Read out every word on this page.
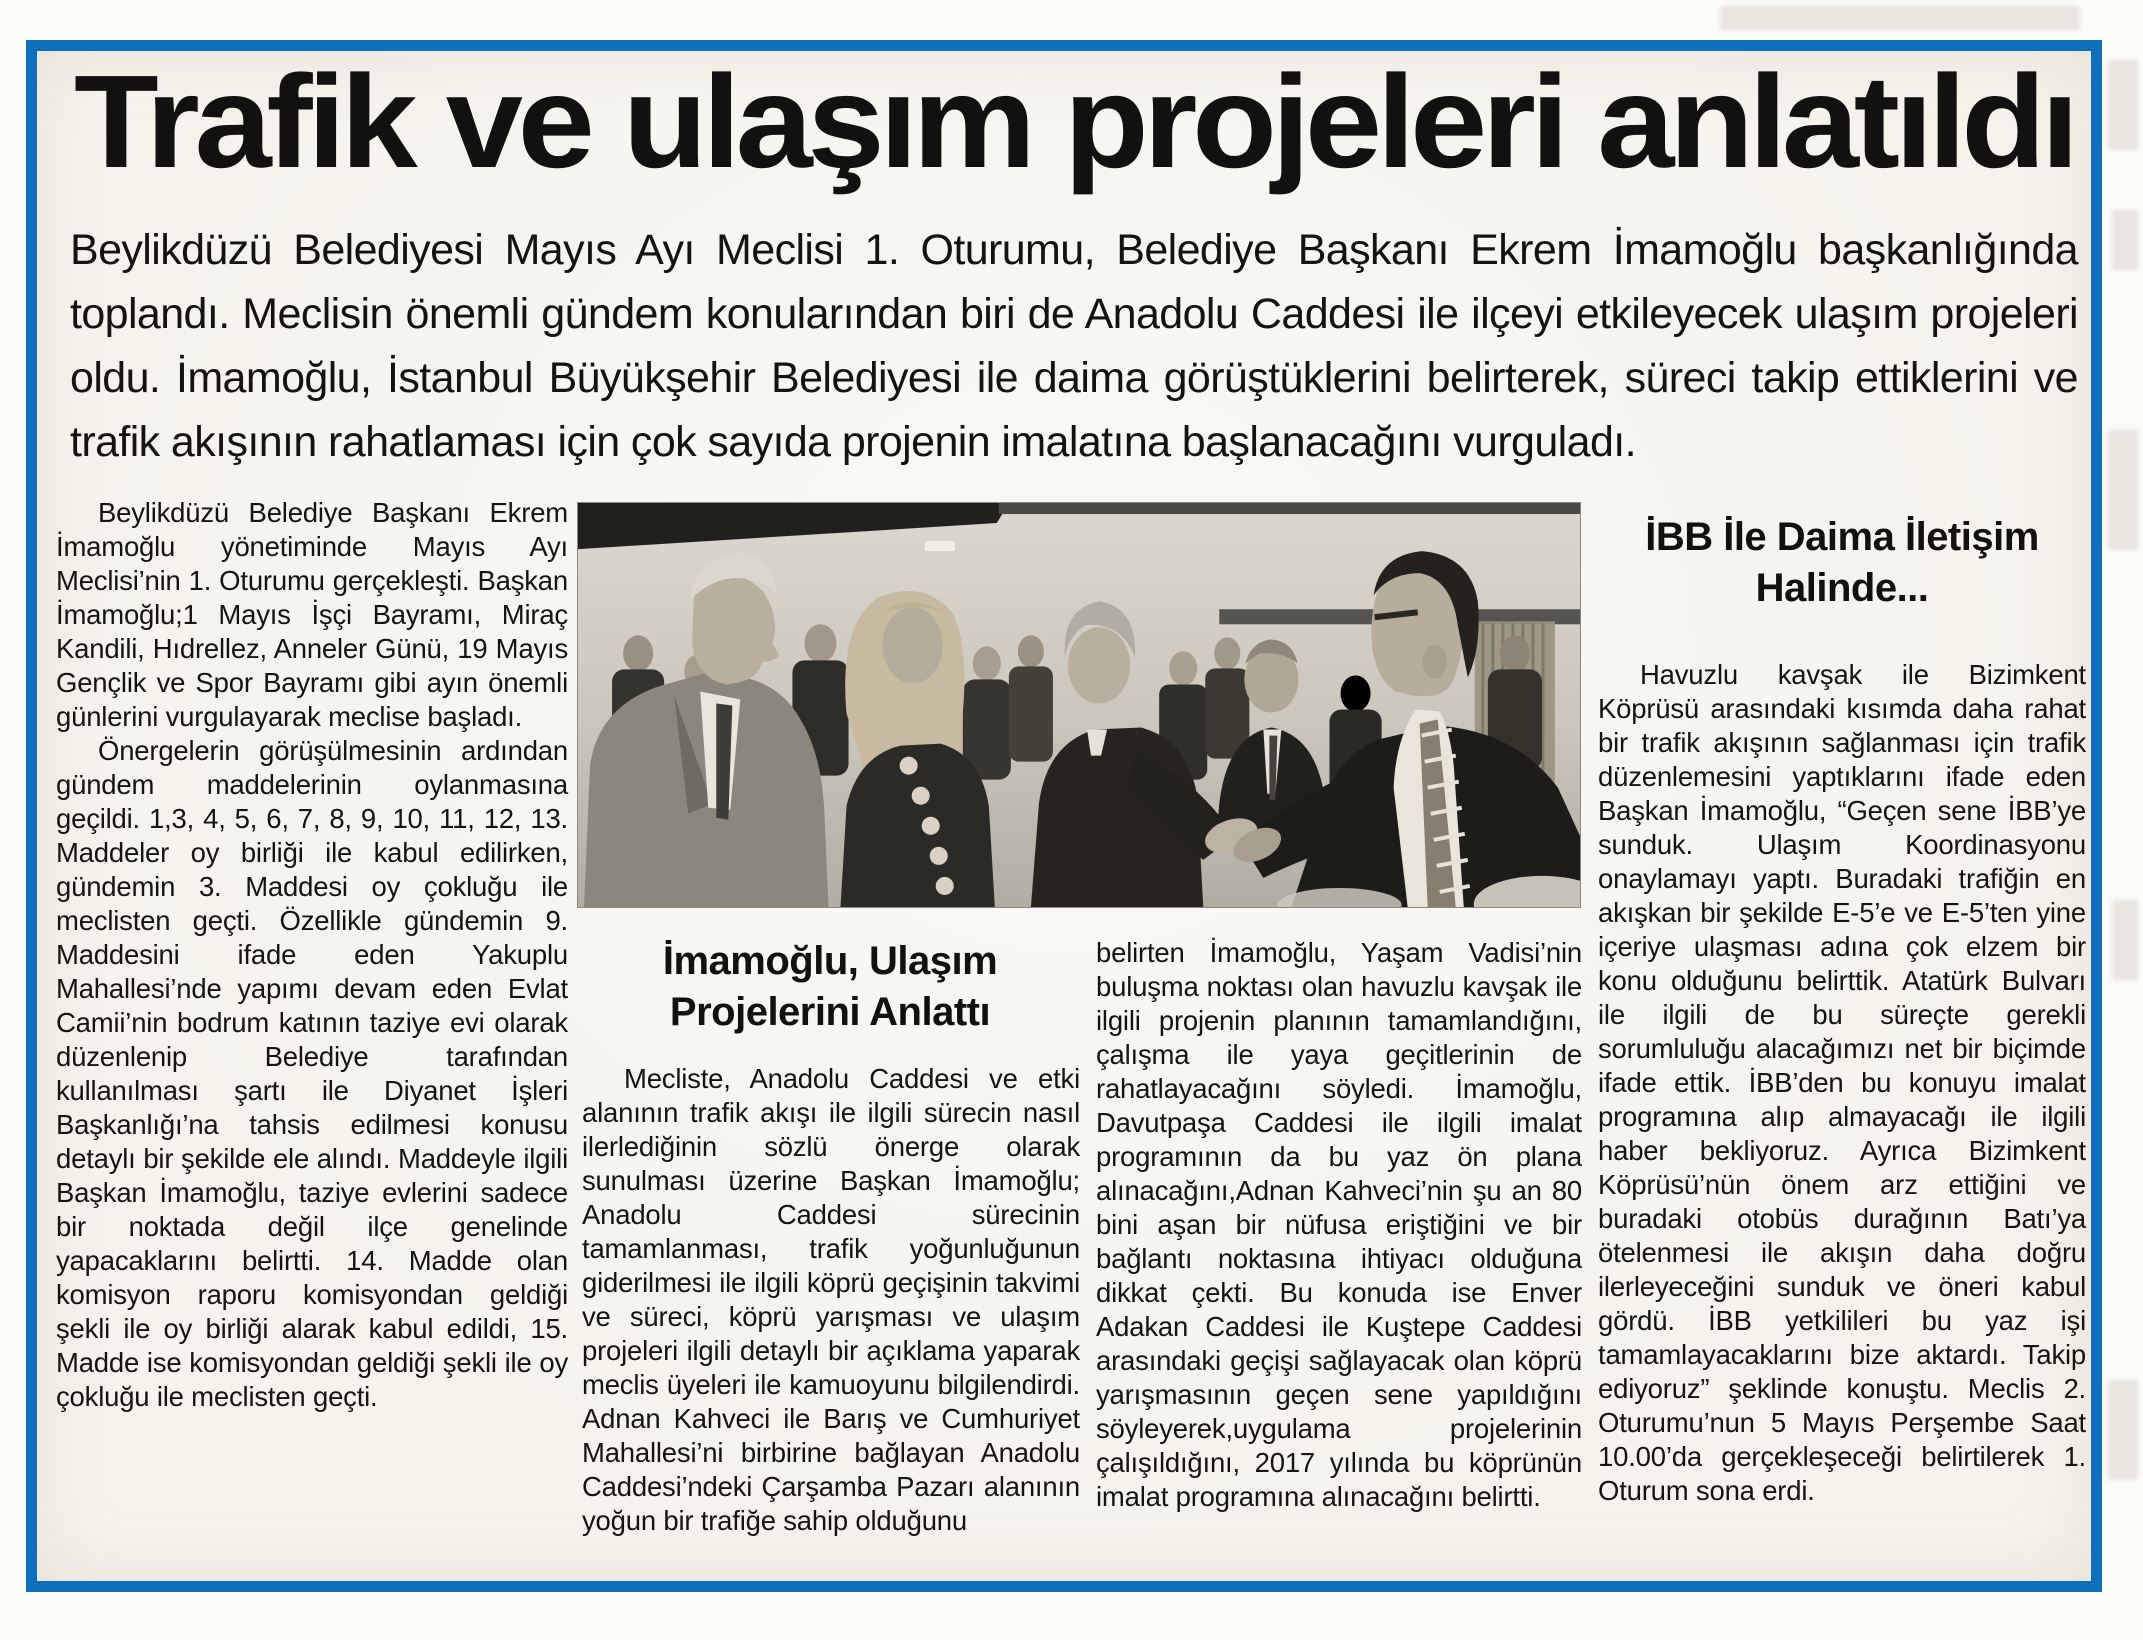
Trafik ve ulaşım projeleri anlatıldı
Beylikdüzü Belediyesi Mayıs Ayı Meclisi 1. Oturumu, Belediye Başkanı Ekrem İmamoğlu başkanlığında toplandı. Meclisin önemli gündem konularından biri de Anadolu Caddesi ile ilçeyi etkileyecek ulaşım projeleri oldu. İmamoğlu, İstanbul Büyükşehir Belediyesi ile daima görüştüklerini belirterek, süreci takip ettiklerini ve trafik akışının rahatlaması için çok sayıda projenin imalatına başlanacağını vurguladı.

Beylikdüzü Belediye Başkanı Ekrem İmamoğlu yönetiminde Mayıs Ayı Meclisi’nin 1. Oturumu gerçekleşti. Başkan İmamoğlu;1 Mayıs İşçi Bayramı, Miraç Kandili, Hıdrellez, Anneler Günü, 19 Mayıs Gençlik ve Spor Bayramı gibi ayın önemli günlerini vurgulayarak meclise başladı.

Önergelerin görüşülmesinin ardından gündem maddelerinin oylanmasına geçildi. 1,3, 4, 5, 6, 7, 8, 9, 10, 11, 12, 13. Maddeler oy birliği ile kabul edilirken, gündemin 3. Maddesi oy çokluğu ile meclisten geçti. Özellikle gündemin 9. Maddesini ifade eden Yakuplu Mahallesi’nde yapımı devam eden Evlat Camii’nin bodrum katının taziye evi olarak düzenlenip Belediye tarafından kullanılması şartı ile Diyanet İşleri Başkanlığı’na tahsis edilmesi konusu detaylı bir şekilde ele alındı. Maddeyle ilgili Başkan İmamoğlu, taziye evlerini sadece bir noktada değil ilçe genelinde yapacaklarını belirtti. 14. Madde olan komisyon raporu komisyondan geldiği şekli ile oy birliği alarak kabul edildi, 15. Madde ise komisyondan geldiği şekli ile oy çokluğu ile meclisten geçti.

İmamoğlu, Ulaşım Projelerini Anlattı

Mecliste, Anadolu Caddesi ve etki alanının trafik akışı ile ilgili sürecin nasıl ilerlediğinin sözlü önerge olarak sunulması üzerine Başkan İmamoğlu; Anadolu Caddesi sürecinin tamamlanması, trafik yoğunluğunun giderilmesi ile ilgili köprü geçişinin takvimi ve süreci, köprü yarışması ve ulaşım projeleri ilgili detaylı bir açıklama yaparak meclis üyeleri ile kamuoyunu bilgilendirdi. Adnan Kahveci ile Barış ve Cumhuriyet Mahallesi’ni birbirine bağlayan Anadolu Caddesi’ndeki Çarşamba Pazarı alanının yoğun bir trafiğe sahip olduğunu

belirten İmamoğlu, Yaşam Vadisi’nin buluşma noktası olan havuzlu kavşak ile ilgili projenin planının tamamlandığını, çalışma ile yaya geçitlerinin de rahatlayacağını söyledi. İmamoğlu, Davutpaşa Caddesi ile ilgili imalat programının da bu yaz ön plana alınacağını,Adnan Kahveci’nin şu an 80 bini aşan bir nüfusa eriştiğini ve bir bağlantı noktasına ihtiyacı olduğuna dikkat çekti. Bu konuda ise Enver Adakan Caddesi ile Kuştepe Caddesi arasındaki geçişi sağlayacak olan köprü yarışmasının geçen sene yapıldığını söyleyerek,uygulama projelerinin çalışıldığını, 2017 yılında bu köprünün imalat programına alınacağını belirtti.

İBB İle Daima İletişim Halinde...

Havuzlu kavşak ile Bizimkent Köprüsü arasındaki kısımda daha rahat bir trafik akışının sağlanması için trafik düzenlemesini yaptıklarını ifade eden Başkan İmamoğlu, “Geçen sene İBB’ye sunduk. Ulaşım Koordinasyonu onaylamayı yaptı. Buradaki trafiğin en akışkan bir şekilde E-5’e ve E-5’ten yine içeriye ulaşması adına çok elzem bir konu olduğunu belirttik. Atatürk Bulvarı ile ilgili de bu süreçte gerekli sorumluluğu alacağımızı net bir biçimde ifade ettik. İBB’den bu konuyu imalat programına alıp almayacağı ile ilgili haber bekliyoruz. Ayrıca Bizimkent Köprüsü’nün önem arz ettiğini ve buradaki otobüs durağının Batı’ya ötelenmesi ile akışın daha doğru ilerleyeceğini sunduk ve öneri kabul gördü. İBB yetkilileri bu yaz işi tamamlayacaklarını bize aktardı. Takip ediyoruz” şeklinde konuştu. Meclis 2. Oturumu’nun 5 Mayıs Perşembe Saat 10.00’da gerçekleşeceği belirtilerek 1. Oturum sona erdi.
